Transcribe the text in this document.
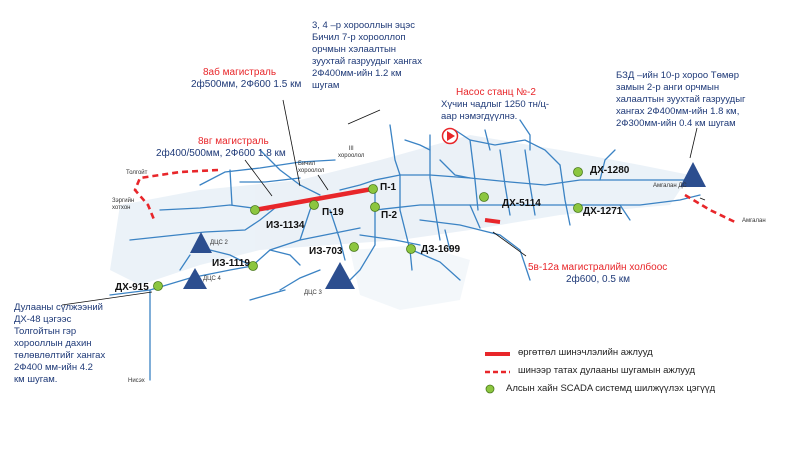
8аб магистраль
2ф500мм, 2Ф600 1.5 км
8вг магистраль
2ф400/500мм, 2Ф600 1.8 км
3, 4 –р хорооллын эцэс
Бичил 7-р хорооллоп
орчмын хэлаалтын
зуухтай газруудыг хангах
2Ф400мм-ийн 1.2 км
шугам
Насос станц №-2
Хүчин чадлыг 1250 тн/ц-
аар нэмэгдүүлнэ.
БЗД –ийн 10-р хороо Төмөр
замын 2-р анги орчмын
халаалтын зуухтай газруудыг
хангах 2Ф400мм-ийн 1.8 км,
2Ф300мм-ийн 0.4 км шугам
5в-12а магистралийн холбоос
2ф600, 0.5 км
Дулааны сүлжээний
ДХ-48 цэгээс
Толгойтын гэр
хорооллын дахин
төлөвлөлтийг хангах
2Ф400 мм-ийн 4.2
км шугам.
Толгойт
Зэргийн
хотхон
III
хороолол
Бичил
хороолол
Амгалан ДС
Амгалан
Нисэх
ДЦС 2
ДЦС 4
ДЦС 3
ДХ-915
ИЗ-1119
ИЗ-1134
П-19
П-1
П-2
ИЗ-703	ДЗ-1699
ДХ-5114
ДХ-1280
ДХ-1271
өргөтгөл шинэчлэлийн ажлууд
шинээр татах дулааны шугамын ажлууд
Алсын хайн SCADA системд шилжүүлэх цэгүүд
